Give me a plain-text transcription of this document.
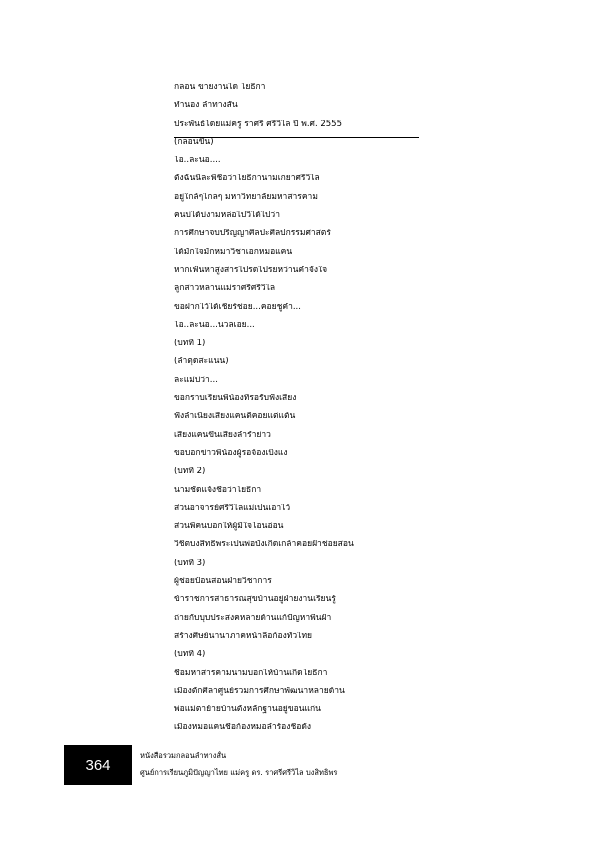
กลอน ขายงานได โยธิกา
ทำนอง ลำทางสั้น
ประพันธ์โดยแม่ครู ราศรี ศรีวิไล ปี พ.ศ. 2555
(กลอนขึ้น)
โอ..ละนอ....
ตังฉันนี้ละพี่ชื่อว่าโยธิกานามเกยาศรีวิไล
อยู่ใกล้ๆไกลๆ มหาวิทยาลัยมหาสารคาม
คนบ่ได้บ่งามหล่อไปวิได้ไปว่า
การศึกษาจบปริญญาศิลปะศิลปกรรมศาสตร์
ได้มักใจมักหมาวิชาเอกหมอแคน
หากเฟ้นหาสูงสารไปรดไปรยหว่านคำจังใจ
ลูกสาวหลานแม่ราศรีศรีวิไล
ขอฝากไว้ได้เชียร์ช่อย...คอยชูค้ำ...
โอ..ละนอ...นวลเอย...
(บทที่ 1)
(ลำตุดสะแนน)
ละแม่บ่ว่า...
ขอกราบเรียนพี่น้องที่รอรับฟังเสียง
ฟังลำเนียงเสียงแคนตีคอยแต่แต้น
เสียงแคนขึ้นเสียงลำร่ำย่าว
ขอบอกข่าวพี่น้องผู้รอจ้องเบิ่งแง
(บทที่ 2)
นามชัดแจ้งชื่อว่าโยธิกา
ส่วนอาจารย์ศรีวิไลแม่เป็นเอาไว้
ส่วนพี่คนบอกให้ผู้มีใจโอนอ่อน
วิชิตบงสิทธิ์พระเป็นพ่อบังเกิดเกล้าคอยฝ้าช่อยสอน
(บทที่ 3)
ผู้ช่อยป้อนสอนฝ่ายวิชาการ
ข้าราชการสาธารณสุขบ้านอยู่ฝ่ายงานเรียนรู้
ถ่ายกับบุบประสงคหลายด้านแก้ปัญหาพื้นฝ้า
สร้างศิษย์นานาภาคหน้าลือก้องทั่วไทย
(บทที่ 4)
ชื่อมหาสารคามนามบอกไห้บ้านเกิดโยธิกา
เมืองตักศิลาศูนย์รวมการศึกษาพัฒนาหลายด้าน
พ่อแม่ตาย้ายบ้านตั้งหลักฐานอยู่ขอนแก่น
เมืองหมอแคนชื่อก้องหมอลำร้องชื่อดัง
364
หนังสือรวมกลอนลำทางสั้น
ศูนย์การเรียนภูมิปัญญาไทย แม่ครู ดร. ราศรีศรีวิไล บงสิทธิพร
